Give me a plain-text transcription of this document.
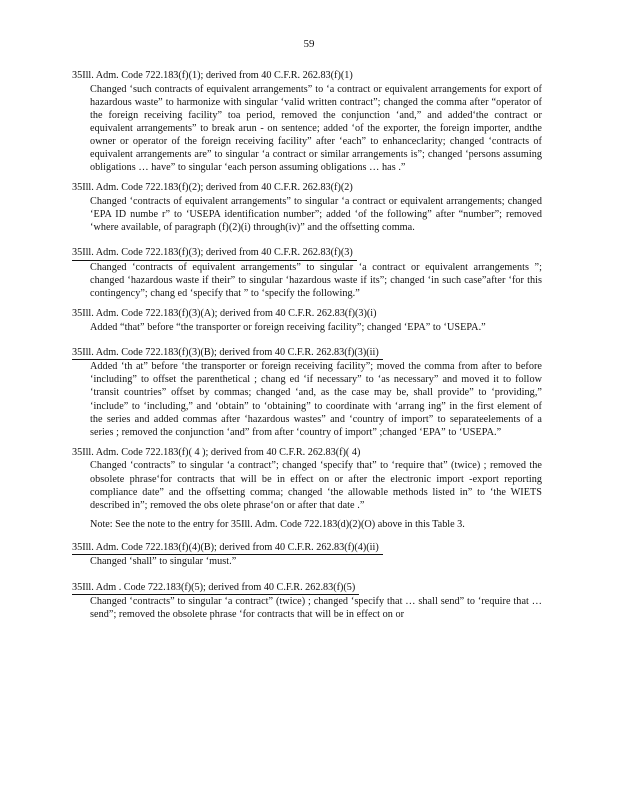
59
35Ill. Adm. Code 722.183(f)(1); derived from 40 C.F.R. 262.83(f)(1)
Changed ‘such contracts of equivalent arrangements” to ‘a contract or equivalent arrangements for export of hazardous waste” to harmonize with singular ‘valid written contract”; changed the comma after “operator of the foreign receiving facility” toa period, removed the conjunction ‘and,” and added‘the contract or equivalent arrangements” to break arun - on sentence; added ‘of the exporter, the foreign importer, andthe owner or operator of the foreign receiving facility” after ‘each” to enhanceclarity; changed ‘contracts of equivalent arrangements are” to singular ‘a contract or similar arrangements is”; changed ‘persons assuming obligations … have” to singular ‘each person assuming obligations … has .”
35Ill. Adm. Code 722.183(f)(2); derived from 40 C.F.R. 262.83(f)(2)
Changed ‘contracts of equivalent arrangements” to singular ‘a contract or equivalent arrangements; changed ‘EPA ID numbe r” to ‘USEPA identification number”; added ‘of the following” after “number”; removed ‘where available, of paragraph (f)(2)(i) through(iv)” and the offsetting comma.
35Ill. Adm. Code 722.183(f)(3); derived from 40 C.F.R. 262.83(f)(3)
Changed ‘contracts of equivalent arrangements” to singular ‘a contract or equivalent arrangements ”; changed ‘hazardous waste if their” to singular ‘hazardous waste if its”; changed ‘in such case”after ‘for this contingency”; chang ed ‘specify that ” to ‘specify the following.”
35Ill. Adm. Code 722.183(f)(3)(A); derived from 40 C.F.R. 262.83(f)(3)(i)
Added “that” before “the transporter or foreign receiving facility”; changed ‘EPA” to ‘USEPA.”
35Ill. Adm. Code 722.183(f)(3)(B); derived from 40 C.F.R. 262.83(f)(3)(ii)
Added ‘th at” before ‘the transporter or foreign receiving facility”; moved the comma from after to before ‘including” to offset the parenthetical ; chang ed ‘if necessary” to ‘as necessary” and moved it to follow ‘transit countries” offset by commas; changed ‘and, as the case may be, shall provide” to ‘providing,” ‘include” to ‘including,” and ‘obtain” to ‘obtaining” to coordinate with ‘arrang ing” in the first element of the series and added commas after ‘hazardous wastes” and ‘country of import” to separateelements of a series ; removed the conjunction ‘and” from after ‘country of import” ;changed ‘EPA” to ‘USEPA.”
35Ill. Adm. Code 722.183(f)( 4 ); derived from 40 C.F.R. 262.83(f)( 4)
Changed ‘contracts” to singular ‘a contract”; changed ‘specify that” to ‘require that” (twice) ; removed the obsolete phrase‘for contracts that will be in effect on or after the electronic import -export reporting compliance date” and the offsetting comma; changed ‘the allowable methods listed in” to ‘the WIETS described in”; removed the obs olete phrase‘on or after that date .”
Note: See the note to the entry for 35Ill. Adm. Code 722.183(d)(2)(O) above in this Table 3.
35Ill. Adm. Code 722.183(f)(4)(B); derived from 40 C.F.R. 262.83(f)(4)(ii)
Changed ‘shall” to singular ‘must.”
35Ill. Adm . Code 722.183(f)(5); derived from 40 C.F.R. 262.83(f)(5)
Changed ‘contracts” to singular ‘a contract” (twice) ; changed ‘specify that … shall send” to ‘require that … send”; removed the obsolete phrase ‘for contracts that will be in effect on or
